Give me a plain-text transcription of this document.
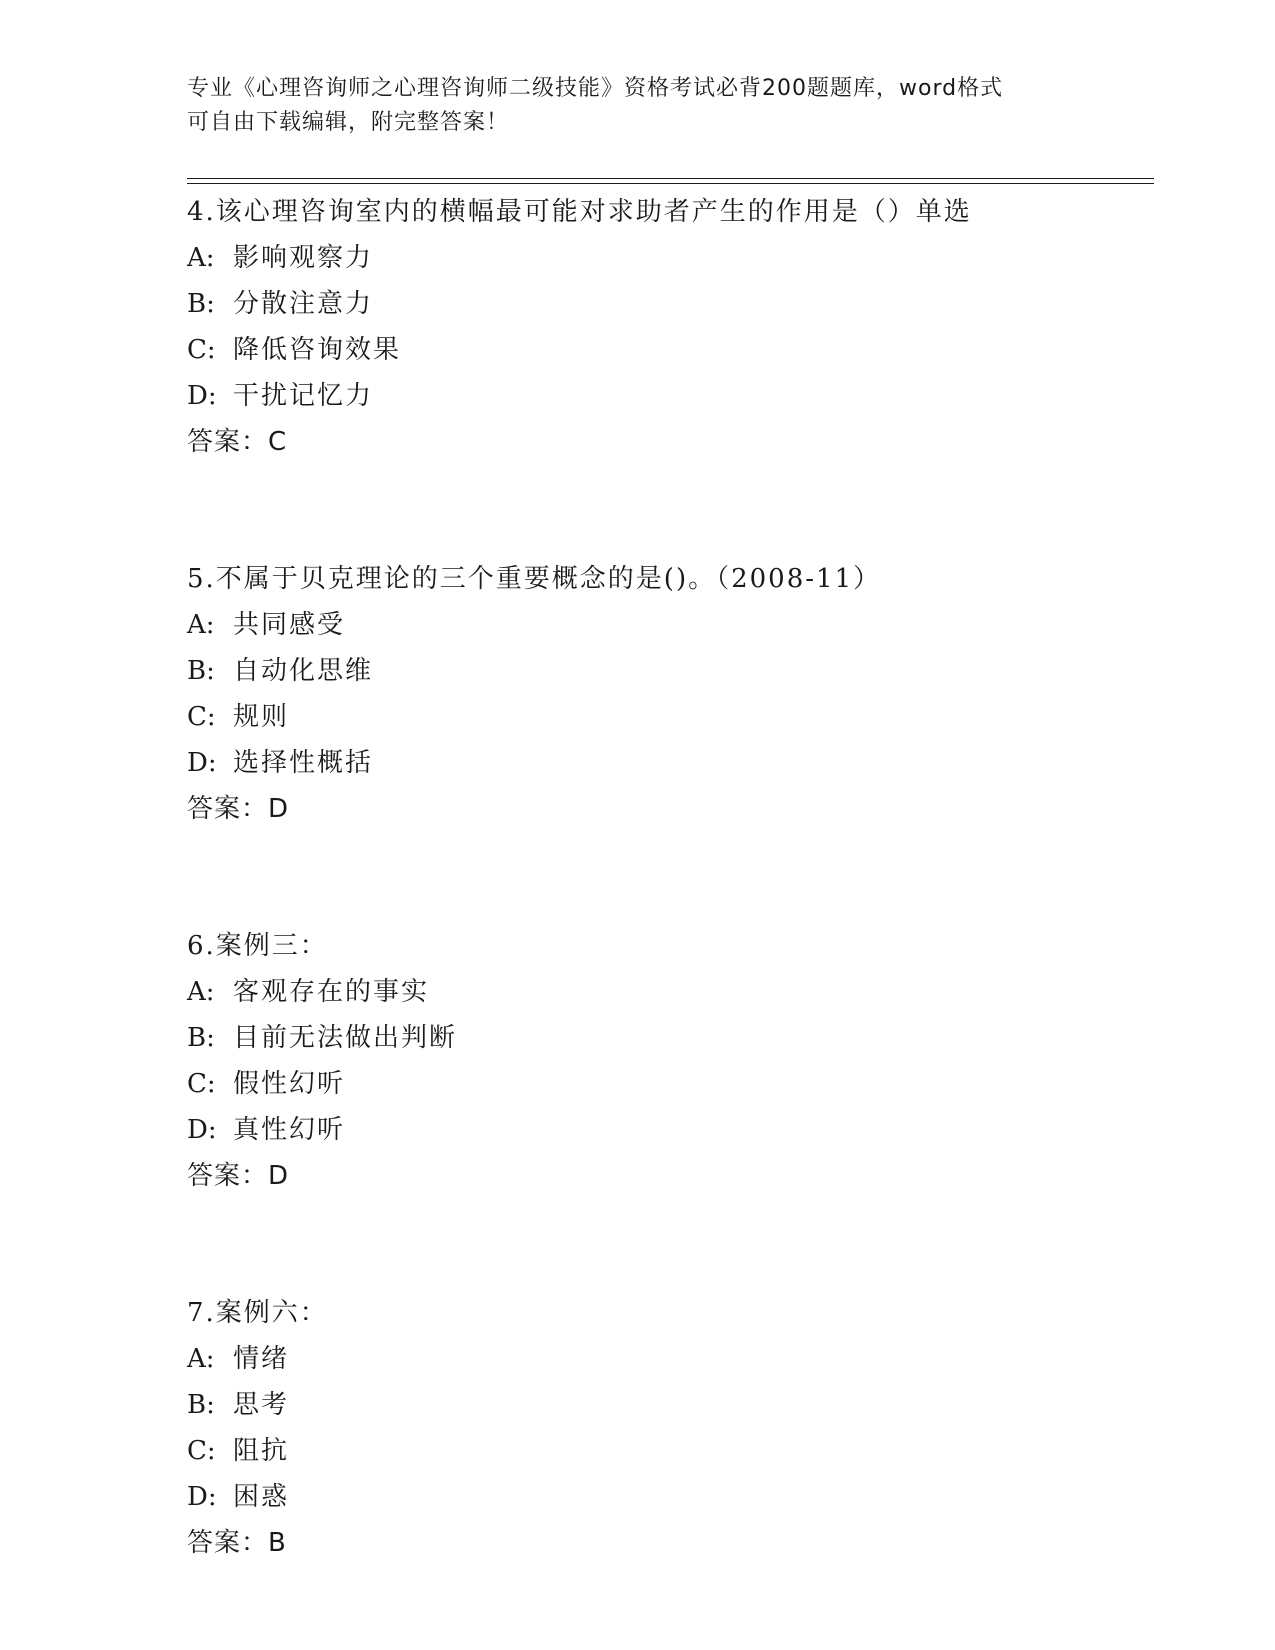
专业《心理咨询师之心理咨询师二级技能》资格考试必背200题题库，word格式
可自由下载编辑，附完整答案！
4.该心理咨询室内的横幅最可能对求助者产生的作用是（）单选
A: 影响观察力
B: 分散注意力
C: 降低咨询效果
D: 干扰记忆力
答案：C
5.不属于贝克理论的三个重要概念的是()。（2008-11）
A: 共同感受
B: 自动化思维
C: 规则
D: 选择性概括
答案：D
6.案例三：
A: 客观存在的事实
B: 目前无法做出判断
C: 假性幻听
D: 真性幻听
答案：D
7.案例六：
A: 情绪
B: 思考
C: 阻抗
D: 困惑
答案：B
